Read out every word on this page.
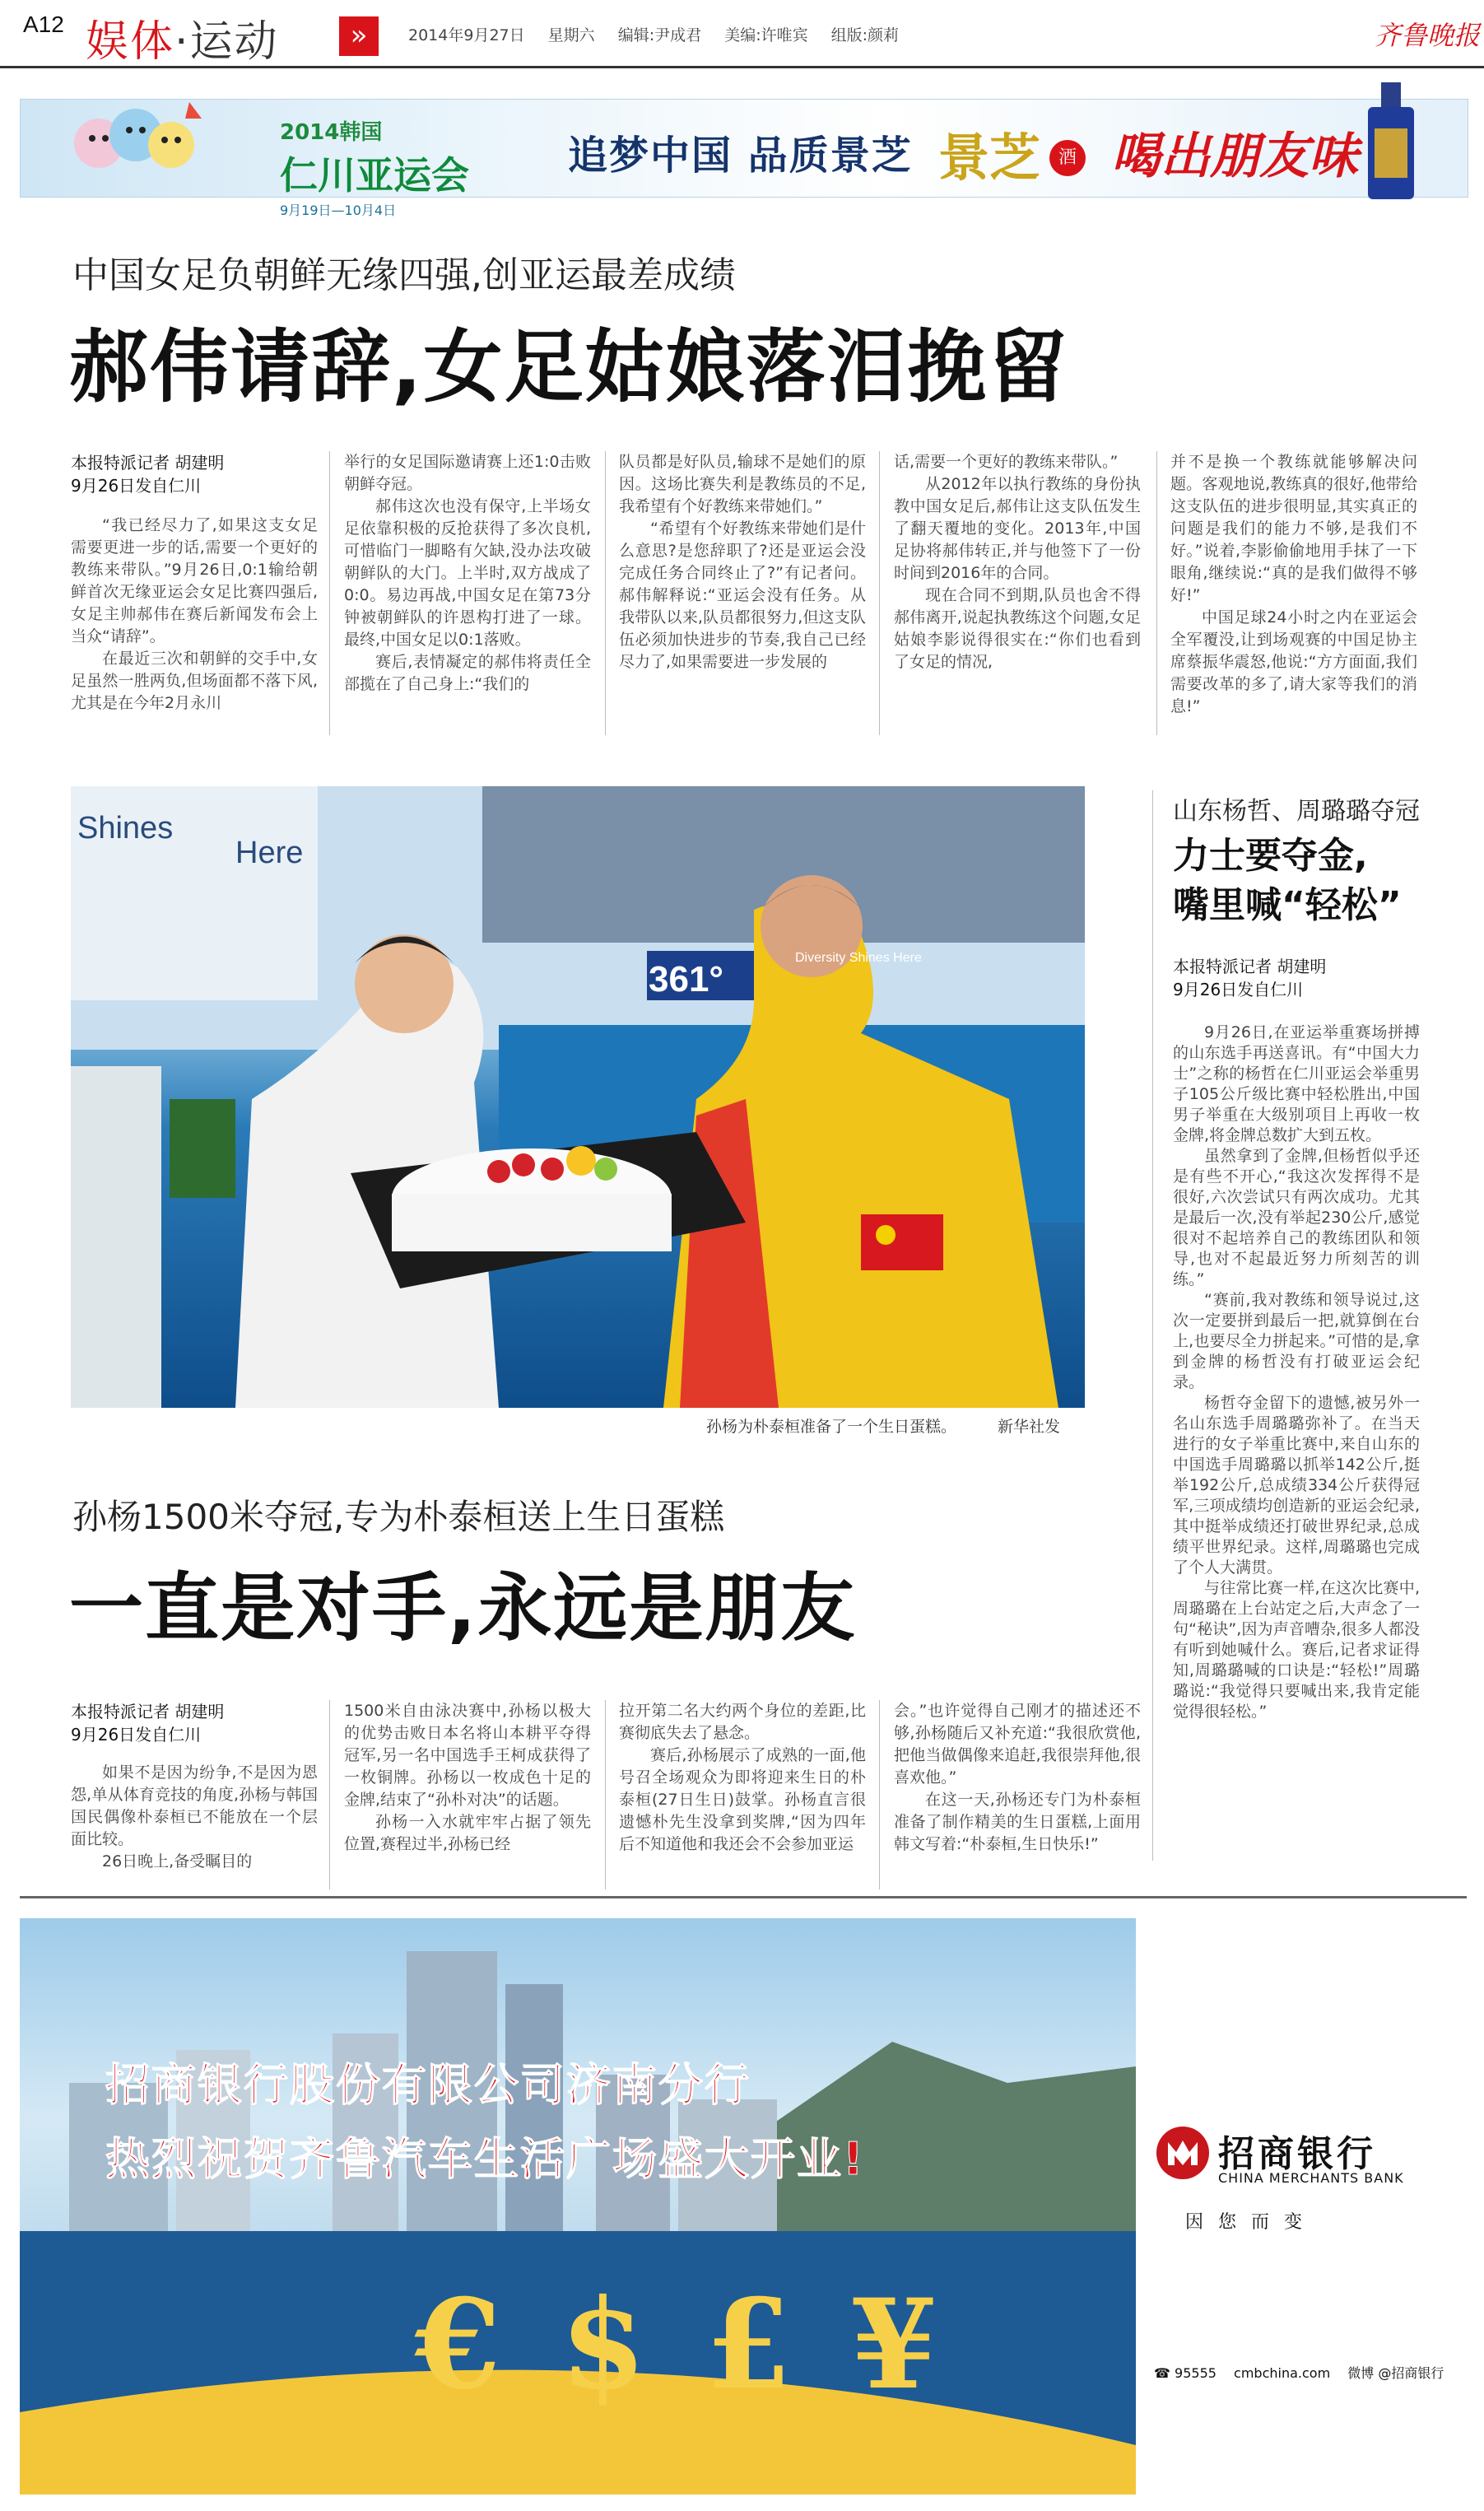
A12 娱体·运动	»	2014年9月27日 星期六 编辑:尹成君 美编:许唯宾 组版:颜莉	齐鲁晚报
2014韩国
仁川亚运会
9月19日—10月4日
追梦中国 品质景芝 景芝 酒 喝出朋友味
中国女足负朝鲜无缘四强,创亚运最差成绩
郝伟请辞,女足姑娘落泪挽留
本报特派记者 胡建明
9月26日发自仁川

“我已经尽力了,如果这支女足需要更进一步的话,需要一个更好的教练来带队。”9月26日,0:1输给朝鲜首次无缘亚运会女足比赛四强后,女足主帅郝伟在赛后新闻发布会上当众“请辞”。

在最近三次和朝鲜的交手中,女足虽然一胜两负,但场面都不落下风,尤其是在今年2月永川

举行的女足国际邀请赛上还1:0击败朝鲜夺冠。

郝伟这次也没有保守,上半场女足依靠积极的反抢获得了多次良机,可惜临门一脚略有欠缺,没办法攻破朝鲜队的大门。上半时,双方战成了0:0。易边再战,中国女足在第73分钟被朝鲜队的许恩构打进了一球。最终,中国女足以0:1落败。

赛后,表情凝定的郝伟将责任全部揽在了自己身上:“我们的

队员都是好队员,输球不是她们的原因。这场比赛失利是教练员的不足,我希望有个好教练来带她们。”

“希望有个好教练来带她们是什么意思?是您辞职了?还是亚运会没完成任务合同终止了?”有记者问。郝伟解释说:“亚运会没有任务。从我带队以来,队员都很努力,但这支队伍必须加快进步的节奏,我自己已经尽力了,如果需要进一步发展的

话,需要一个更好的教练来带队。”

从2012年以执行教练的身份执教中国女足后,郝伟让这支队伍发生了翻天覆地的变化。2013年,中国足协将郝伟转正,并与他签下了一份时间到2016年的合同。

现在合同不到期,队员也舍不得郝伟离开,说起执教练这个问题,女足姑娘李影说得很实在:“你们也看到了女足的情况,

并不是换一个教练就能够解决问题。客观地说,教练真的很好,他带给这支队伍的进步很明显,其实真正的问题是我们的能力不够,是我们不好。”说着,李影偷偷地用手抹了一下眼角,继续说:“真的是我们做得不够好!”

中国足球24小时之内在亚运会全军覆没,让到场观赛的中国足协主席蔡振华震怒,他说:“方方面面,我们需要改革的多了,请大家等我们的消息!”

Shines
Here
361°
Diversity Shines Here
孙杨为朴泰桓准备了一个生日蛋糕。	新华社发
山东杨哲、周璐璐夺冠
力士要夺金,
嘴里喊“轻松”
本报特派记者 胡建明
9月26日发自仁川

9月26日,在亚运举重赛场拼搏的山东选手再送喜讯。有“中国大力士”之称的杨哲在仁川亚运会举重男子105公斤级比赛中轻松胜出,中国男子举重在大级别项目上再收一枚金牌,将金牌总数扩大到五枚。

虽然拿到了金牌,但杨哲似乎还是有些不开心,“我这次发挥得不是很好,六次尝试只有两次成功。尤其是最后一次,没有举起230公斤,感觉很对不起培养自己的教练团队和领导,也对不起最近努力所刻苦的训练。”

“赛前,我对教练和领导说过,这次一定要拼到最后一把,就算倒在台上,也要尽全力拼起来。”可惜的是,拿到金牌的杨哲没有打破亚运会纪录。

杨哲夺金留下的遗憾,被另外一名山东选手周璐璐弥补了。在当天进行的女子举重比赛中,来自山东的中国选手周璐璐以抓举142公斤,挺举192公斤,总成绩334公斤获得冠军,三项成绩均创造新的亚运会纪录,其中挺举成绩还打破世界纪录,总成绩平世界纪录。这样,周璐璐也完成了个人大满贯。

与往常比赛一样,在这次比赛中,周璐璐在上台站定之后,大声念了一句“秘诀”,因为声音嘈杂,很多人都没有听到她喊什么。赛后,记者求证得知,周璐璐喊的口诀是:“轻松!”周璐璐说:“我觉得只要喊出来,我肯定能觉得很轻松。”

孙杨1500米夺冠,专为朴泰桓送上生日蛋糕
一直是对手,永远是朋友
本报特派记者 胡建明
9月26日发自仁川

如果不是因为纷争,不是因为恩怨,单从体育竞技的角度,孙杨与韩国国民偶像朴泰桓已不能放在一个层面比较。

26日晚上,备受瞩目的

1500米自由泳决赛中,孙杨以极大的优势击败日本名将山本耕平夺得冠军,另一名中国选手王柯成获得了一枚铜牌。孙杨以一枚成色十足的金牌,结束了“孙朴对决”的话题。

孙杨一入水就牢牢占据了领先位置,赛程过半,孙杨已经

拉开第二名大约两个身位的差距,比赛彻底失去了悬念。

赛后,孙杨展示了成熟的一面,他号召全场观众为即将迎来生日的朴泰桓(27日生日)鼓掌。孙杨直言很遗憾朴先生没拿到奖牌,“因为四年后不知道他和我还会不会参加亚运

会。”也许觉得自己刚才的描述还不够,孙杨随后又补充道:“我很欣赏他,把他当做偶像来追赶,我很崇拜他,很喜欢他。”

在这一天,孙杨还专门为朴泰桓准备了制作精美的生日蛋糕,上面用韩文写着:“朴泰桓,生日快乐!”

招商银行股份有限公司济南分行
热烈祝贺齐鲁汽车生活广场盛大开业!
€ $ £ ¥
招商银行
CHINA MERCHANTS BANK
因您而变
☎ 95555 cmbchina.com 微博 @招商银行
